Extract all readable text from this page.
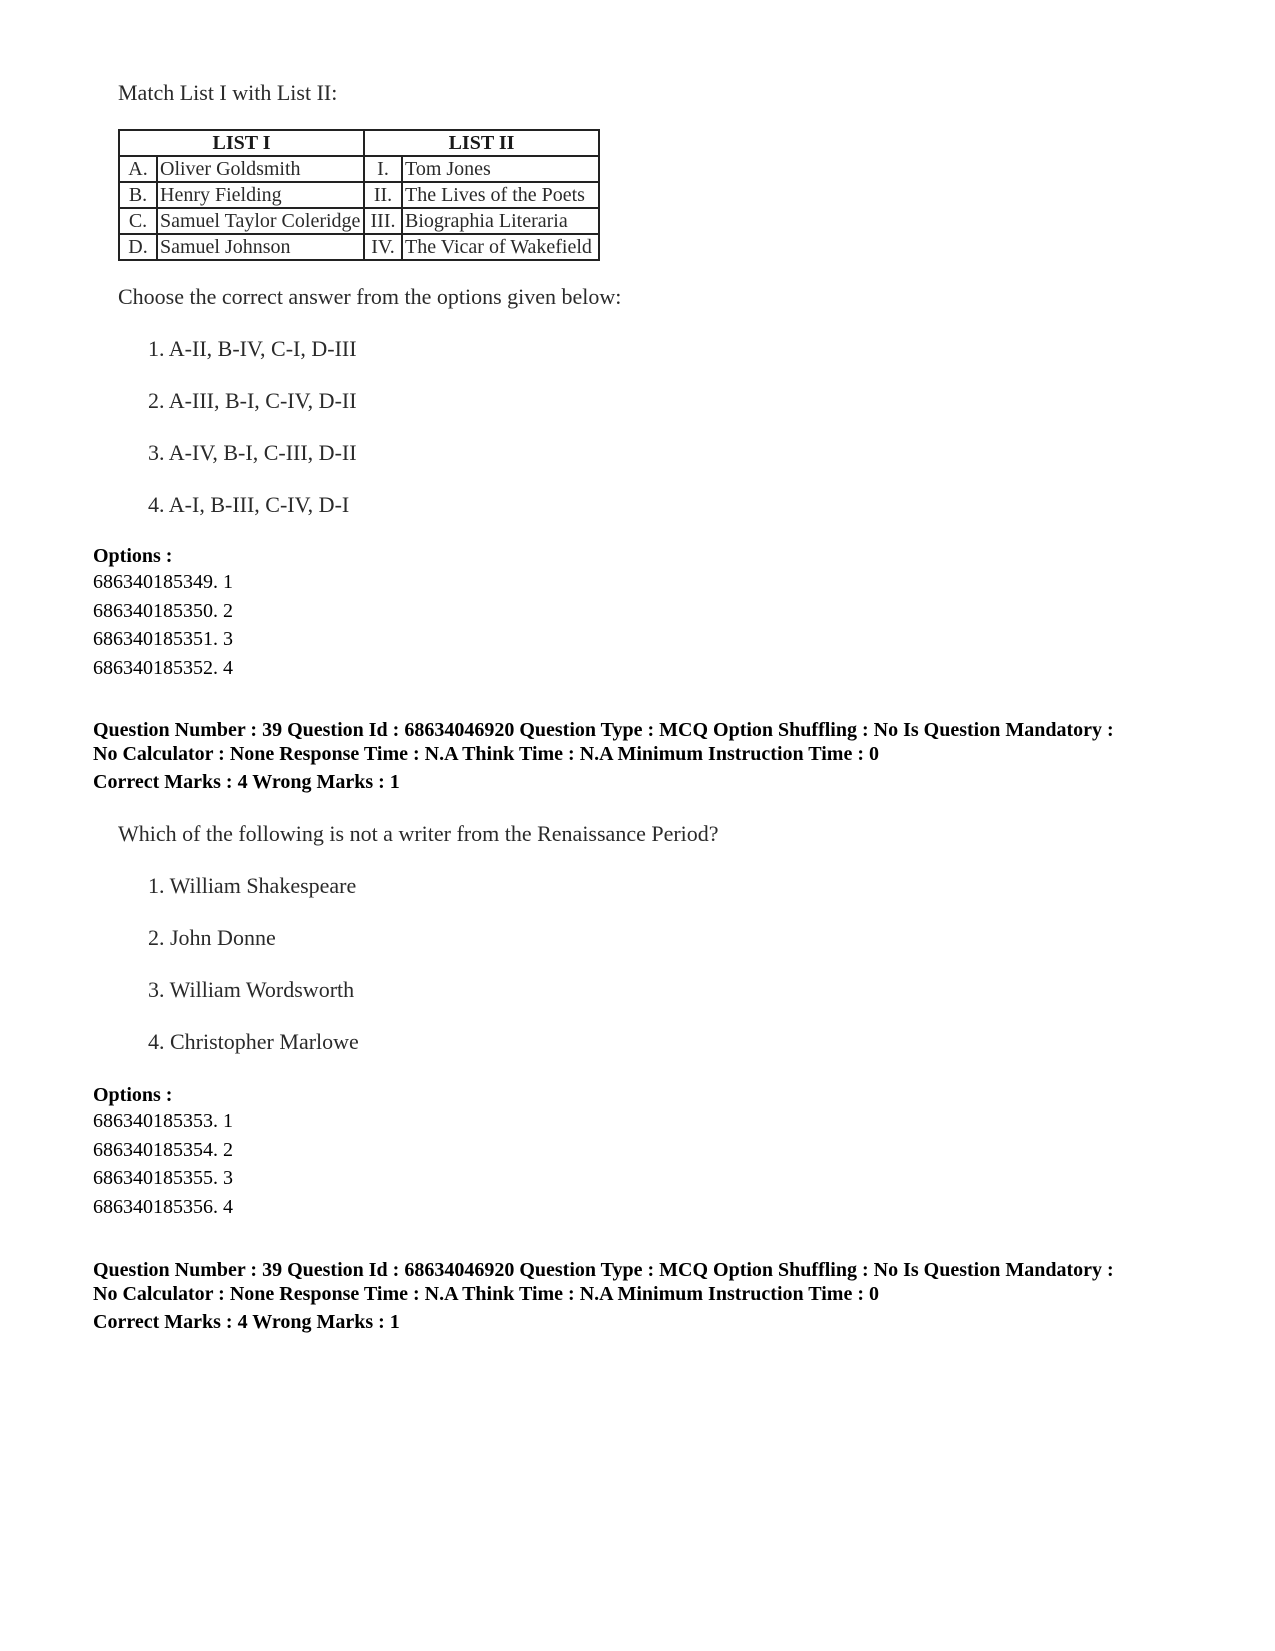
Match List I with List II:

LIST I		LIST II	
A.	Oliver Goldsmith	I.	Tom Jones
B.	Henry Fielding	II.	The Lives of the Poets
C.	Samuel Taylor Coleridge	III.	Biographia Literaria
D.	Samuel Johnson	IV.	The Vicar of Wakefield

Choose the correct answer from the options given below:

1. A-II, B-IV, C-I, D-III
2. A-III, B-I, C-IV, D-II
3. A-IV, B-I, C-III, D-II
4. A-I, B-III, C-IV, D-I
Options :
686340185349. 1
686340185350. 2
686340185351. 3
686340185352. 4
Question Number : 39 Question Id : 68634046920 Question Type : MCQ Option Shuffling : No Is Question Mandatory :
No Calculator : None Response Time : N.A Think Time : N.A Minimum Instruction Time : 0
Correct Marks : 4 Wrong Marks : 1

Which of the following is not a writer from the Renaissance Period?

1. William Shakespeare
2. John Donne
3. William Wordsworth
4. Christopher Marlowe
Options :
686340185353. 1
686340185354. 2
686340185355. 3
686340185356. 4
Question Number : 39 Question Id : 68634046920 Question Type : MCQ Option Shuffling : No Is Question Mandatory :
No Calculator : None Response Time : N.A Think Time : N.A Minimum Instruction Time : 0
Correct Marks : 4 Wrong Marks : 1
